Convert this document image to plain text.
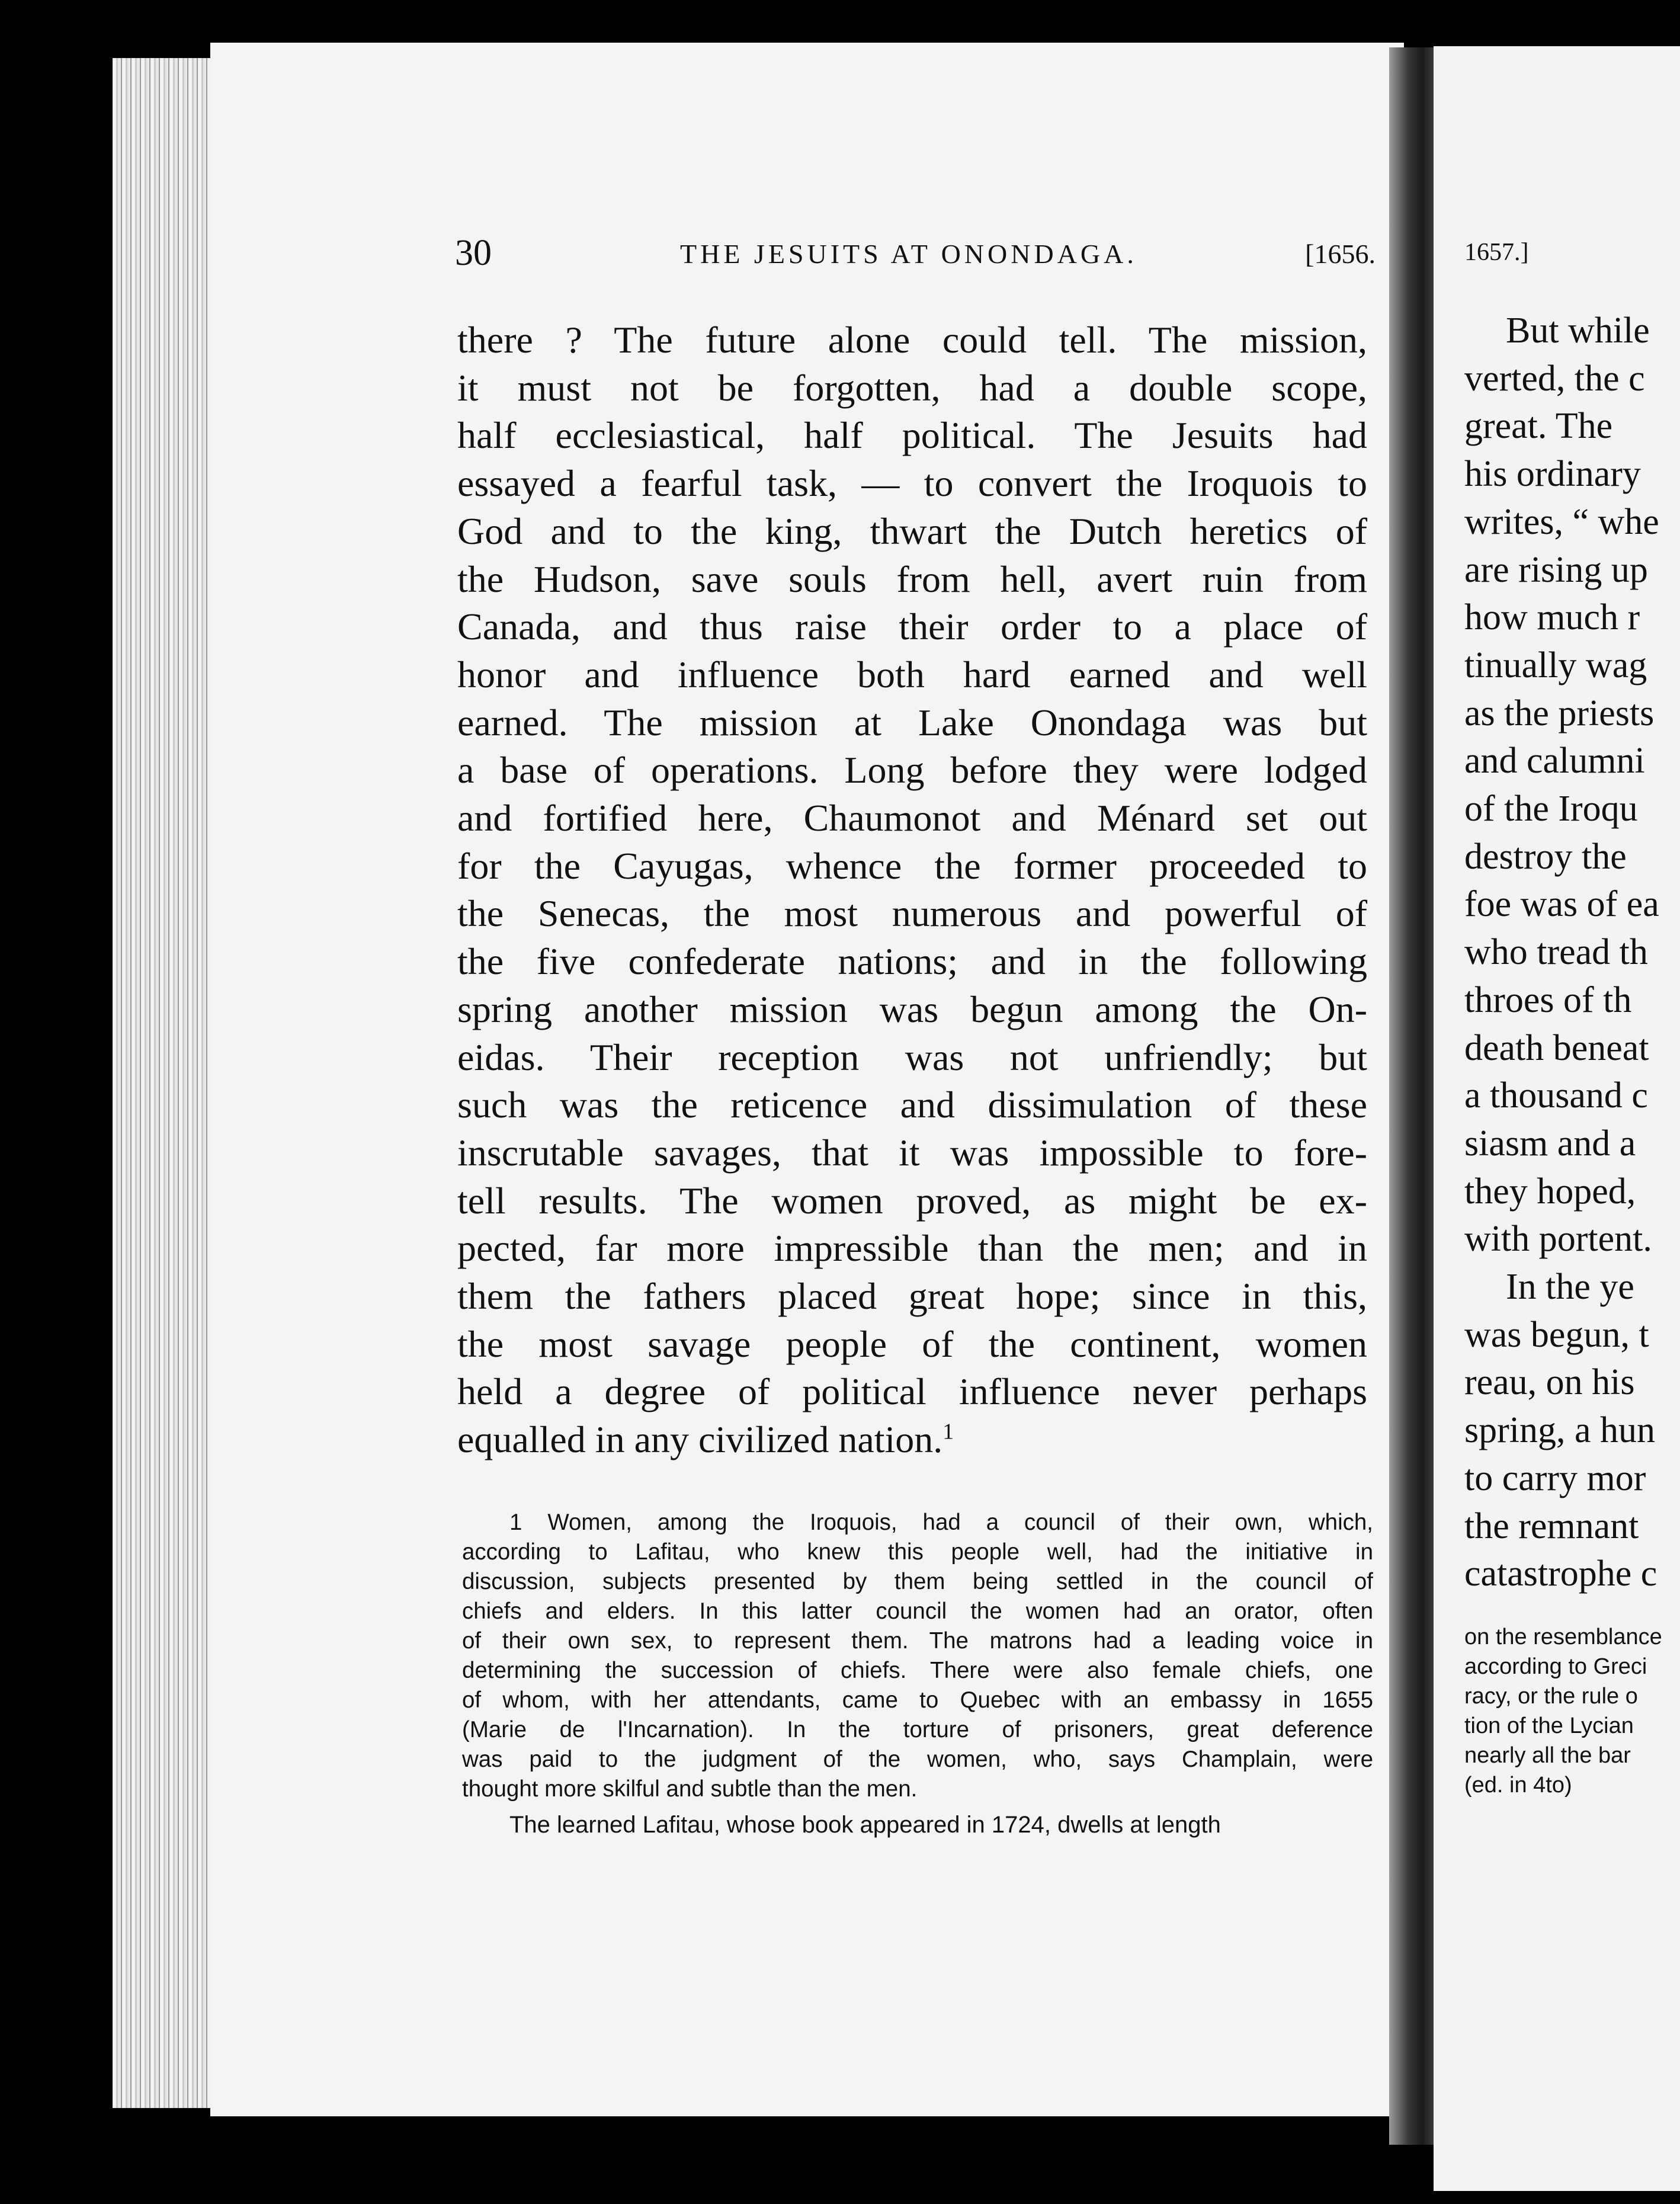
1657.]
But while
verted, the c
great. The
his ordinary
writes, “ whe
are rising up
how much r
tinually wag
as the priests
and calumni
of the Iroqu
destroy the
foe was of ea
who tread th
throes of th
death beneat
a thousand c
siasm and a
they hoped,
with portent.
In the ye
was begun, t
reau, on his
spring, a hun
to carry mor
the remnant
catastrophe c
on the resemblance
according to Greci
racy, or the rule o
tion of the Lycian
nearly all the bar
(ed. in 4to)
30	THE JESUITS AT ONONDAGA.	[1656.
there ? The future alone could tell. The mission,
it must not be forgotten, had a double scope,
half ecclesiastical, half political. The Jesuits had
essayed a fearful task, — to convert the Iroquois to
God and to the king, thwart the Dutch heretics of
the Hudson, save souls from hell, avert ruin from
Canada, and thus raise their order to a place of
honor and influence both hard earned and well
earned. The mission at Lake Onondaga was but
a base of operations. Long before they were lodged
and fortified here, Chaumonot and Ménard set out
for the Cayugas, whence the former proceeded to
the Senecas, the most numerous and powerful of
the five confederate nations; and in the following
spring another mission was begun among the On-
eidas. Their reception was not unfriendly; but
such was the reticence and dissimulation of these
inscrutable savages, that it was impossible to fore-
tell results. The women proved, as might be ex-
pected, far more impressible than the men; and in
them the fathers placed great hope; since in this,
the most savage people of the continent, women
held a degree of political influence never perhaps
equalled in any civilized nation.$^1$
1 Women, among the Iroquois, had a council of their own, which,
according to Lafitau, who knew this people well, had the initiative in
discussion, subjects presented by them being settled in the council of
chiefs and elders. In this latter council the women had an orator, often
of their own sex, to represent them. The matrons had a leading voice in
determining the succession of chiefs. There were also female chiefs, one
of whom, with her attendants, came to Quebec with an embassy in 1655
(Marie de l'Incarnation). In the torture of prisoners, great deference
was paid to the judgment of the women, who, says Champlain, were
thought more skilful and subtle than the men.
The learned Lafitau, whose book appeared in 1724, dwells at length
